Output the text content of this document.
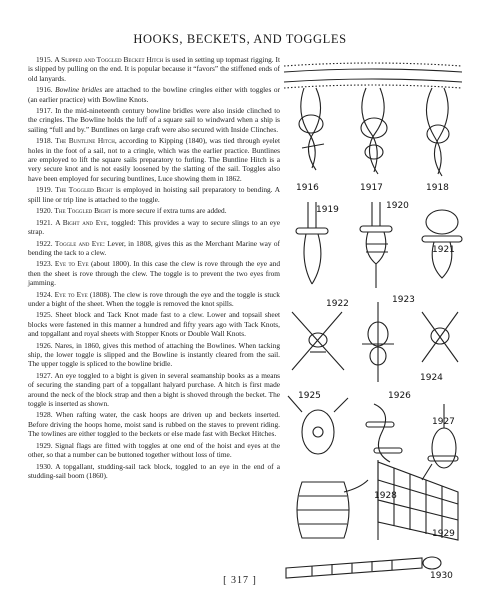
HOOKS, BECKETS, AND TOGGLES

1915. A Slipped and Toggled Becket Hitch is used in setting up topmast rigging. It is slipped by pulling on the end. It is popular because it “favors” the stiffened ends of old lanyards.

1916. Bowline bridles are attached to the bowline cringles either with toggles or (an earlier practice) with Bowline Knots.

1917. In the mid-nineteenth century bowline bridles were also inside clinched to the cringles. The Bowline holds the luff of a square sail to windward when a ship is sailing “full and by.” Buntlines on large craft were also secured with Inside Clinches.

1918. The Buntline Hitch, according to Kipping (1840), was tied through eyelet holes in the foot of a sail, not to a cringle, which was the earlier practice. Buntlines are employed to lift the square sails preparatory to furling. The Buntline Hitch is a very secure knot and is not easily loosened by the slatting of the sail. Toggles also have been employed for securing buntlines, Luce showing them in 1862.

1919. The Toggled Bight is employed in hoisting sail preparatory to bending. A spill line or trip line is attached to the toggle.

1920. The Toggled Bight is more secure if extra turns are added.

1921. A Bight and Eye, toggled: This provides a way to secure slings to an eye strap.

1922. Toggle and Eye: Lever, in 1808, gives this as the Merchant Marine way of bending the tack to a clew.

1923. Eye to Eye (about 1800). In this case the clew is rove through the eye and then the sheet is rove through the clew. The toggle is to prevent the two eyes from jamming.

1924. Eye to Eye (1808). The clew is rove through the eye and the toggle is stuck under a bight of the sheet. When the toggle is removed the knot spills.

1925. Sheet block and Tack Knot made fast to a clew. Lower and topsail sheet blocks were fastened in this manner a hundred and fifty years ago with Tack Knots, and topgallant and royal sheets with Stopper Knots or Double Wall Knots.

1926. Nares, in 1860, gives this method of attaching the Bowlines. When tacking ship, the lower toggle is slipped and the Bowline is instantly cleared from the sail. The upper toggle is spliced to the bowline bridle.

1927. An eye toggled to a bight is given in several seamanship books as a means of securing the standing part of a topgallant halyard purchase. A hitch is first made around the neck of the block strap and then a bight is shoved through the becket. The toggle is inserted as shown.

1928. When rafting water, the cask hoops are driven up and beckets inserted. Before driving the hoops home, moist sand is rubbed on the staves to prevent riding. The towlines are either toggled to the beckets or else made fast with Becket Hitches.

1929. Signal flags are fitted with toggles at one end of the hoist and eyes at the other, so that a number can be buttoned together without loss of time.

1930. A topgallant, studding-sail tack block, toggled to an eye in the end of a studding-sail boom (1860).

1916	1917	1918
1919	1920
1921
1922	1923
1924
1925	1926
1927
1928
1929
1930
[ 317 ]
